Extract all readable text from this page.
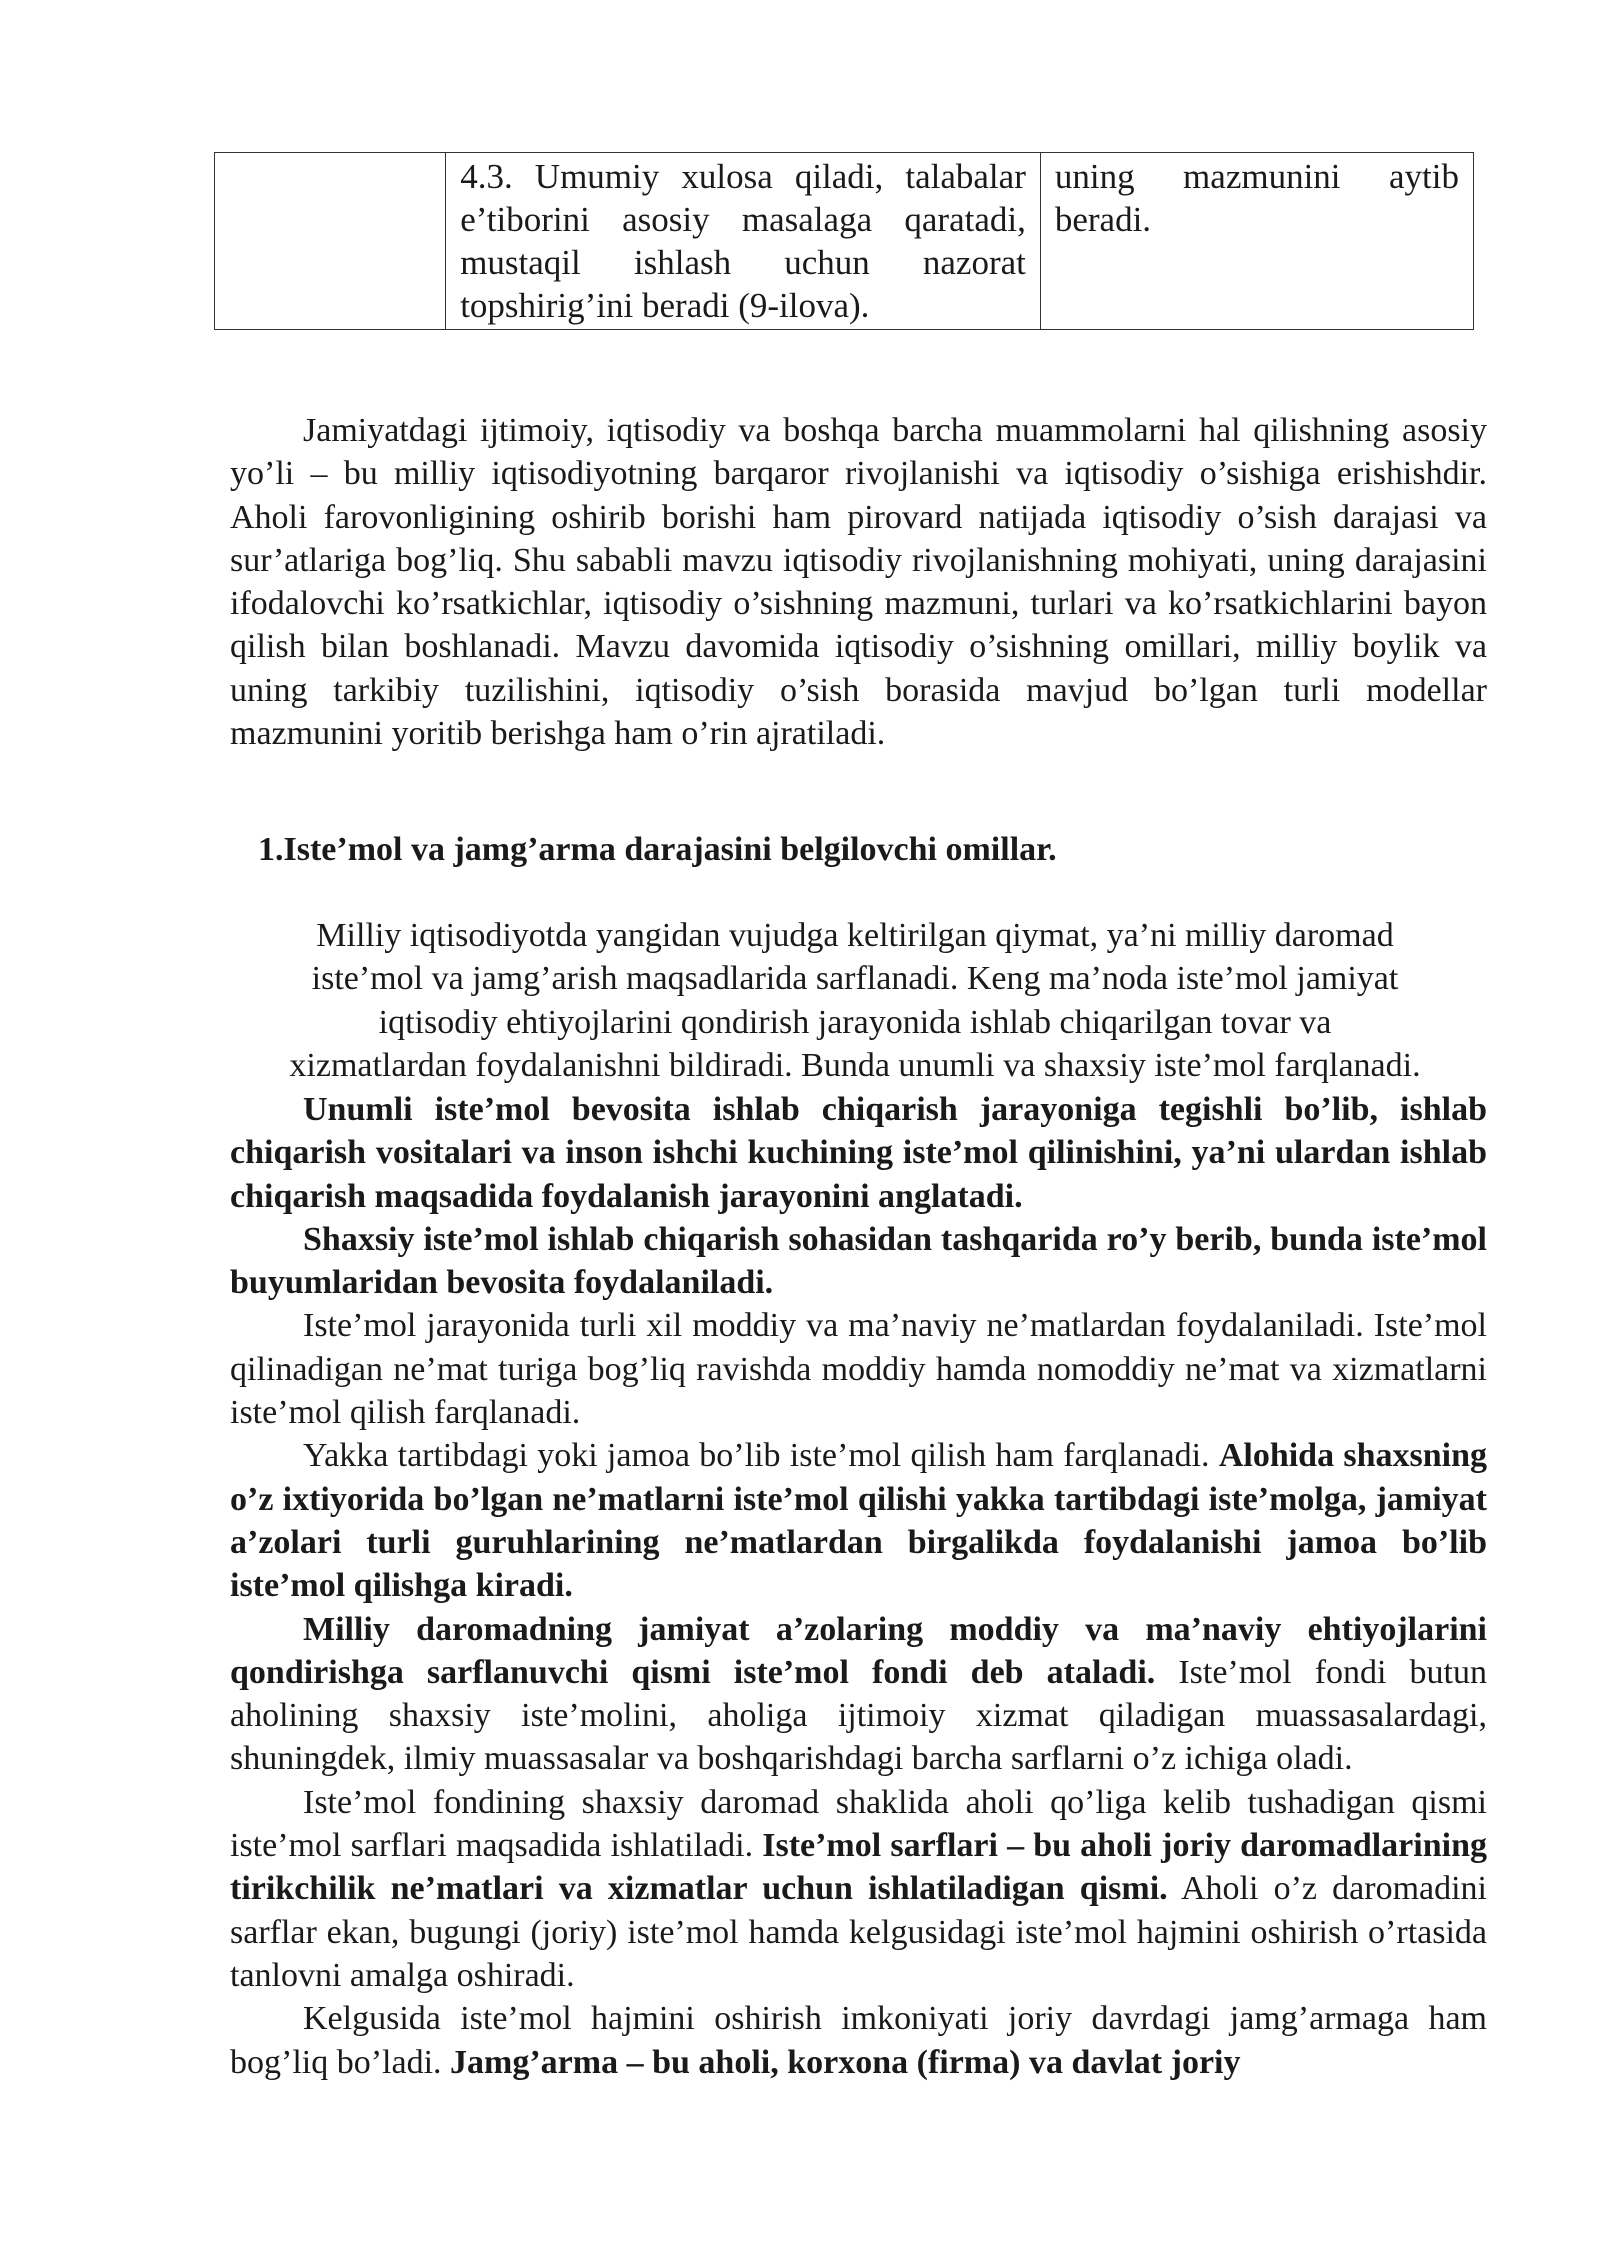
	4.3. Umumiy xulosa qiladi, talabalar e’tiborini asosiy masalaga qaratadi, mustaqil ishlash uchun nazorat topshirig’ini beradi (9-ilova).	uning mazmunini aytib beradi.

Jamiyatdagi ijtimoiy, iqtisodiy va boshqa barcha muammolarni hal qilishning asosiy yo’li – bu milliy iqtisodiyotning barqaror rivojlanishi va iqtisodiy o’sishiga erishishdir. Aholi farovonligining oshirib borishi ham pirovard natijada iqtisodiy o’sish darajasi va sur’atlariga bog’liq. Shu sababli mavzu iqtisodiy rivojlanishning mohiyati, uning darajasini ifodalovchi ko’rsatkichlar, iqtisodiy o’sishning mazmuni, turlari va ko’rsatkichlarini bayon qilish bilan boshlanadi. Mavzu davomida iqtisodiy o’sishning omillari, milliy boylik va uning tarkibiy tuzilishini, iqtisodiy o’sish borasida mavjud bo’lgan turli modellar mazmunini yoritib berishga ham o’rin ajratiladi.

1.Iste’mol va jamg’arma darajasini belgilovchi omillar.
Milliy iqtisodiyotda yangidan vujudga keltirilgan qiymat, ya’ni milliy daromad
iste’mol va jamg’arish maqsadlarida sarflanadi. Keng ma’noda iste’mol jamiyat
iqtisodiy ehtiyojlarini qondirish jarayonida ishlab chiqarilgan tovar va
xizmatlardan foydalanishni bildiradi. Bunda unumli va shaxsiy iste’mol farqlanadi.

Unumli iste’mol bevosita ishlab chiqarish jarayoniga tegishli bo’lib, ishlab chiqarish vositalari va inson ishchi kuchining iste’mol qilinishini, ya’ni ulardan ishlab chiqarish maqsadida foydalanish jarayonini anglatadi.

Shaxsiy iste’mol ishlab chiqarish sohasidan tashqarida ro’y berib, bunda iste’mol buyumlaridan bevosita foydalaniladi.

Iste’mol jarayonida turli xil moddiy va ma’naviy ne’matlardan foydalaniladi. Iste’mol qilinadigan ne’mat turiga bog’liq ravishda moddiy hamda nomoddiy ne’mat va xizmatlarni iste’mol qilish farqlanadi.

Yakka tartibdagi yoki jamoa bo’lib iste’mol qilish ham farqlanadi. Alohida shaxsning o’z ixtiyorida bo’lgan ne’matlarni iste’mol qilishi yakka tartibdagi iste’molga, jamiyat a’zolari turli guruhlarining ne’matlardan birgalikda foydalanishi jamoa bo’lib iste’mol qilishga kiradi.

Milliy daromadning jamiyat a’zolaring moddiy va ma’naviy ehtiyojlarini qondirishga sarflanuvchi qismi iste’mol fondi deb ataladi. Iste’mol fondi butun aholining shaxsiy iste’molini, aholiga ijtimoiy xizmat qiladigan muassasalardagi, shuningdek, ilmiy muassasalar va boshqarishdagi barcha sarflarni o’z ichiga oladi.

Iste’mol fondining shaxsiy daromad shaklida aholi qo’liga kelib tushadigan qismi iste’mol sarflari maqsadida ishlatiladi. Iste’mol sarflari – bu aholi joriy daromadlarining tirikchilik ne’matlari va xizmatlar uchun ishlatiladigan qismi. Aholi o’z daromadini sarflar ekan, bugungi (joriy) iste’mol hamda kelgusidagi iste’mol hajmini oshirish o’rtasida tanlovni amalga oshiradi.

Kelgusida iste’mol hajmini oshirish imkoniyati joriy davrdagi jamg’armaga ham bog’liq bo’ladi. Jamg’arma – bu aholi, korxona (firma) va davlat joriy
